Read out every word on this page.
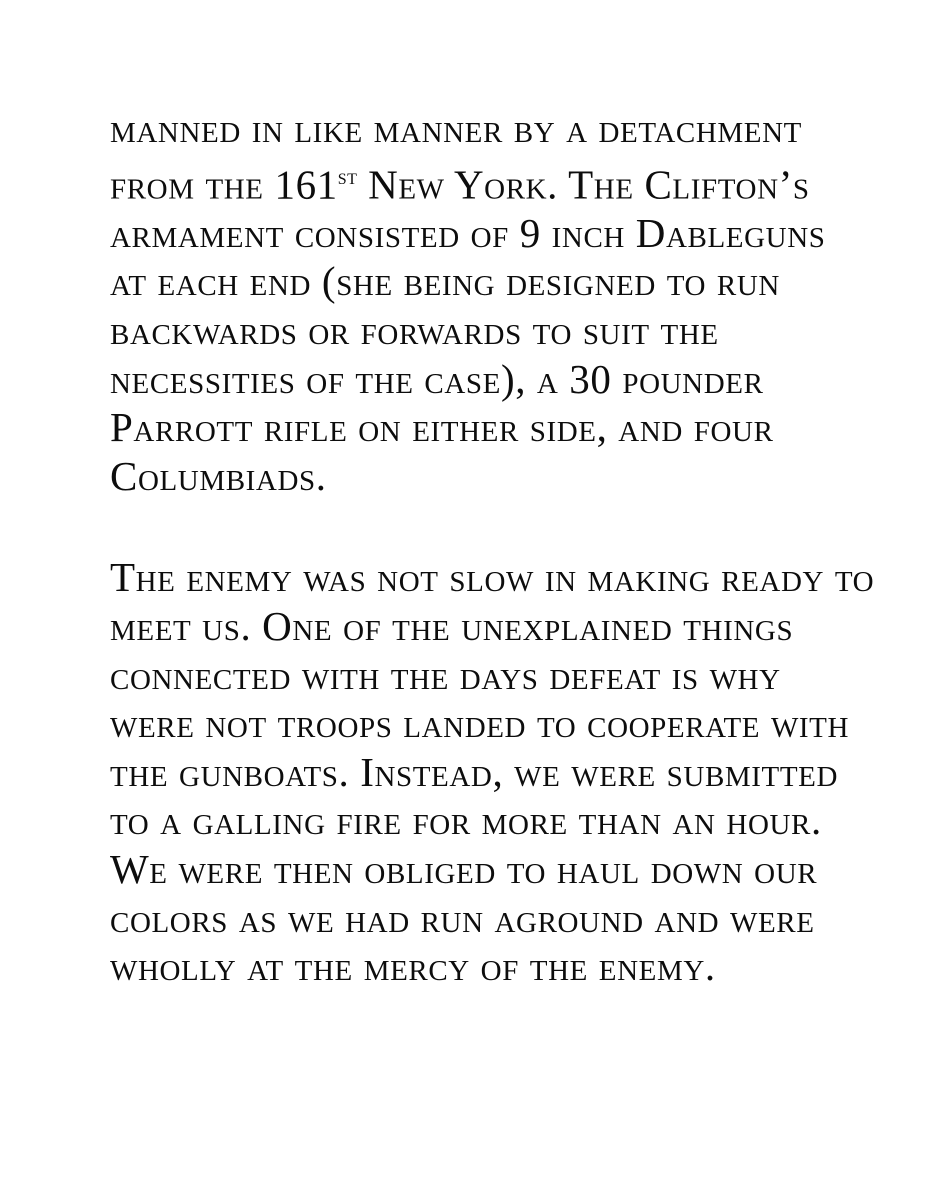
manned in like manner by a detachment
from the 161st New York. The Clifton’s
armament consisted of 9 inch Dableguns
at each end (she being designed to run
backwards or forwards to suit the
necessities of the case), a 30 pounder
Parrott rifle on either side, and four
Columbiads.
The enemy was not slow in making ready to
meet us. One of the unexplained things
connected with the days defeat is why
were not troops landed to cooperate with
the gunboats. Instead, we were submitted
to a galling fire for more than an hour.
We were then obliged to haul down our
colors as we had run aground and were
wholly at the mercy of the enemy.
